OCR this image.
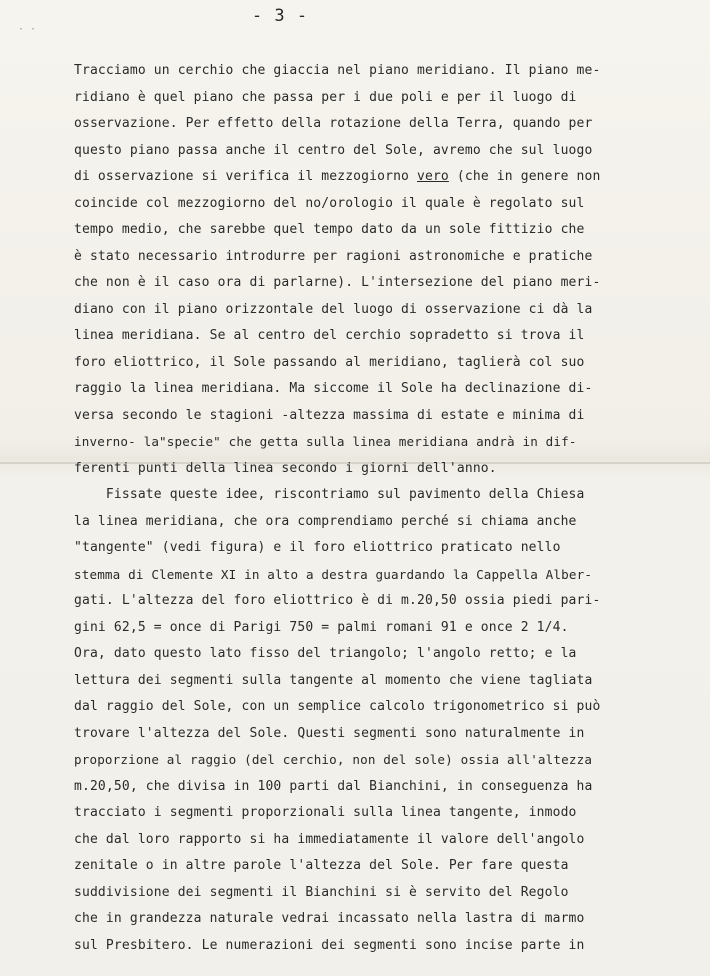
· ·
- 3 -
Tracciamo un cerchio che giaccia nel piano meridiano. Il piano me-
ridiano è quel piano che passa per i due poli e per il luogo di
osservazione. Per effetto della rotazione della Terra, quando per
questo piano passa anche il centro del Sole, avremo che sul luogo
di osservazione si verifica il mezzogiorno vero (che in genere non
coincide col mezzogiorno del no/orologio il quale è regolato sul
tempo medio, che sarebbe quel tempo dato da un sole fittizio che
è stato necessario introdurre per ragioni astronomiche e pratiche
che non è il caso ora di parlarne). L'intersezione del piano meri-
diano con il piano orizzontale del luogo di osservazione ci dà la
linea meridiana. Se al centro del cerchio sopradetto si trova il
foro eliottrico, il Sole passando al meridiano, taglierà col suo
raggio la linea meridiana. Ma siccome il Sole ha declinazione di-
versa secondo le stagioni -altezza massima di estate e minima di
inverno- la"specie" che getta sulla linea meridiana andrà in dif-
ferenti punti della linea secondo i giorni dell'anno.
Fissate queste idee, riscontriamo sul pavimento della Chiesa
la linea meridiana, che ora comprendiamo perché si chiama anche
"tangente" (vedi figura) e il foro eliottrico praticato nello
stemma di Clemente XI in alto a destra guardando la Cappella Alber-
gati. L'altezza del foro eliottrico è di m.20,50 ossia piedi pari-
gini 62,5 = once di Parigi 750 = palmi romani 91 e once 2 1/4.
Ora, dato questo lato fisso del triangolo; l'angolo retto; e la
lettura dei segmenti sulla tangente al momento che viene tagliata
dal raggio del Sole, con un semplice calcolo trigonometrico si può
trovare l'altezza del Sole. Questi segmenti sono naturalmente in
proporzione al raggio (del cerchio, non del sole) ossia all'altezza
m.20,50, che divisa in 100 parti dal Bianchini, in conseguenza ha
tracciato i segmenti proporzionali sulla linea tangente, inmodo
che dal loro rapporto si ha immediatamente il valore dell'angolo
zenitale o in altre parole l'altezza del Sole. Per fare questa
suddivisione dei segmenti il Bianchini si è servito del Regolo
che in grandezza naturale vedrai incassato nella lastra di marmo
sul Presbitero. Le numerazioni dei segmenti sono incise parte in
